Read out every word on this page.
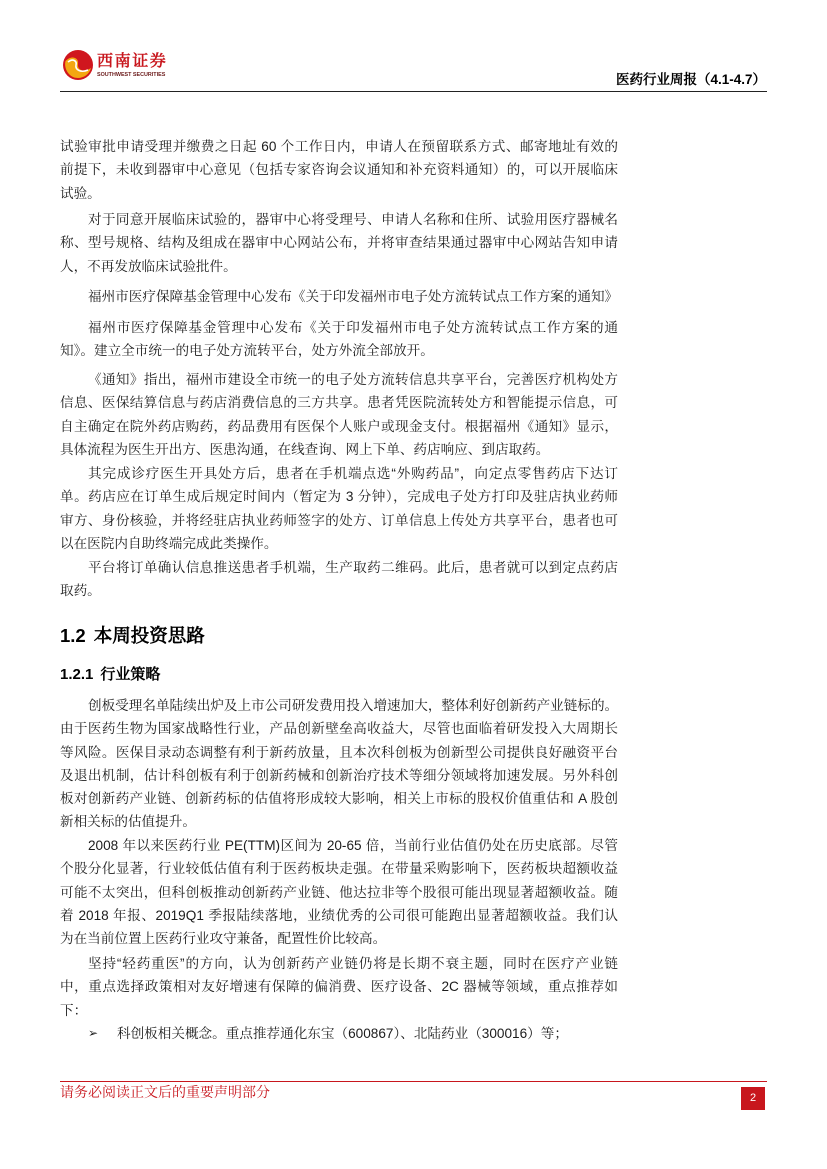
西南证券
SOUTHWEST SECURITIES	医药行业周报（4.1-4.7）
试验审批申请受理并缴费之日起 60 个工作日内，申请人在预留联系方式、邮寄地址有效的
前提下，未收到器审中心意见（包括专家咨询会议通知和补充资料通知）的，可以开展临床
试验。
对于同意开展临床试验的，器审中心将受理号、申请人名称和住所、试验用医疗器械名
称、型号规格、结构及组成在器审中心网站公布，并将审查结果通过器审中心网站告知申请
人，不再发放临床试验批件。
福州市医疗保障基金管理中心发布《关于印发福州市电子处方流转试点工作方案的通知》
福州市医疗保障基金管理中心发布《关于印发福州市电子处方流转试点工作方案的通
知》。建立全市统一的电子处方流转平台，处方外流全部放开。
《通知》指出，福州市建设全市统一的电子处方流转信息共享平台，完善医疗机构处方
信息、医保结算信息与药店消费信息的三方共享。患者凭医院流转处方和智能提示信息，可
自主确定在院外药店购药，药品费用有医保个人账户或现金支付。根据福州《通知》显示，
具体流程为医生开出方、医患沟通，在线查询、网上下单、药店响应、到店取药。
其完成诊疗医生开具处方后，患者在手机端点选“外购药品”，向定点零售药店下达订
单。药店应在订单生成后规定时间内（暂定为 3 分钟），完成电子处方打印及驻店执业药师
审方、身份核验，并将经驻店执业药师签字的处方、订单信息上传处方共享平台，患者也可
以在医院内自助终端完成此类操作。
平台将订单确认信息推送患者手机端，生产取药二维码。此后，患者就可以到定点药店
取药。
1.2 本周投资思路
1.2.1 行业策略
创板受理名单陆续出炉及上市公司研发费用投入增速加大，整体利好创新药产业链标的。
由于医药生物为国家战略性行业，产品创新壁垒高收益大，尽管也面临着研发投入大周期长
等风险。医保目录动态调整有利于新药放量，且本次科创板为创新型公司提供良好融资平台
及退出机制，估计科创板有利于创新药械和创新治疗技术等细分领域将加速发展。另外科创
板对创新药产业链、创新药标的估值将形成较大影响，相关上市标的股权价值重估和 A 股创
新相关标的估值提升。
2008 年以来医药行业 PE(TTM)区间为 20-65 倍，当前行业估值仍处在历史底部。尽管
个股分化显著，行业较低估值有利于医药板块走强。在带量采购影响下，医药板块超额收益
可能不太突出，但科创板推动创新药产业链、他达拉非等个股很可能出现显著超额收益。随
着 2018 年报、2019Q1 季报陆续落地，业绩优秀的公司很可能跑出显著超额收益。我们认
为在当前位置上医药行业攻守兼备，配置性价比较高。
坚持“轻药重医”的方向，认为创新药产业链仍将是长期不衰主题，同时在医疗产业链
中，重点选择政策相对友好增速有保障的偏消费、医疗设备、2C 器械等领域，重点推荐如
下：
➢ 科创板相关概念。重点推荐通化东宝（600867）、北陆药业（300016）等；
请务必阅读正文后的重要声明部分	2
